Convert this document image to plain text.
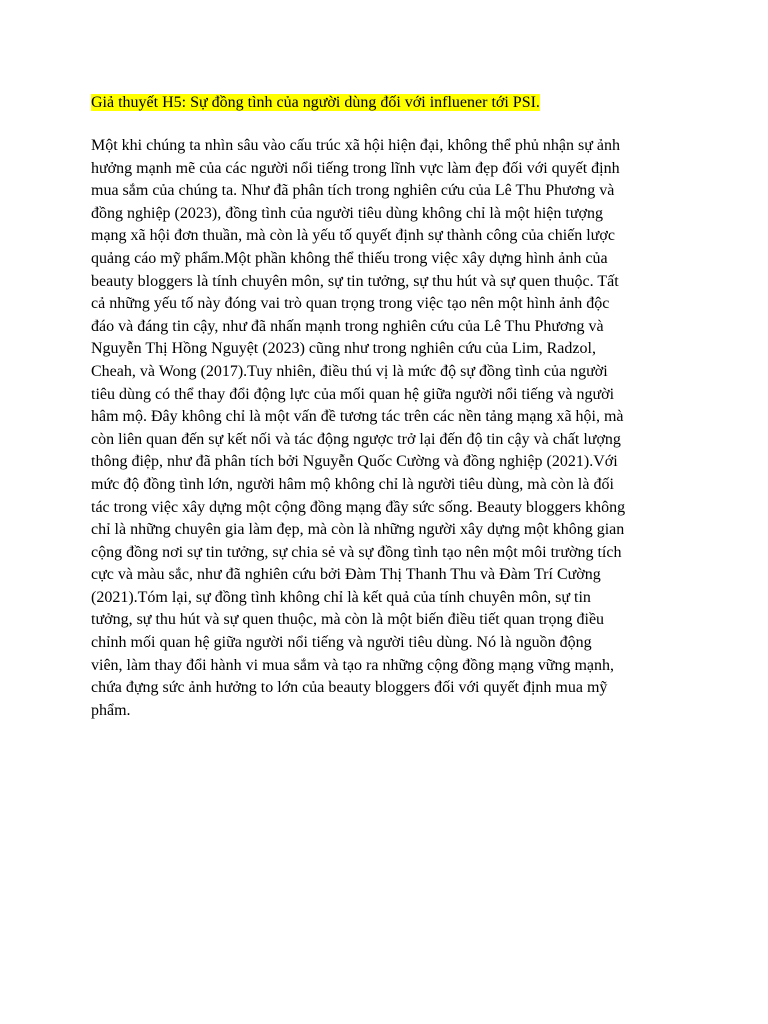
Giả thuyết H5: Sự đồng tình của người dùng đối với influener tới PSI.

Một khi chúng ta nhìn sâu vào cấu trúc xã hội hiện đại, không thể phủ nhận sự ảnh
hưởng mạnh mẽ của các người nổi tiếng trong lĩnh vực làm đẹp đối với quyết định
mua sắm của chúng ta. Như đã phân tích trong nghiên cứu của Lê Thu Phương và
đồng nghiệp (2023), đồng tình của người tiêu dùng không chỉ là một hiện tượng
mạng xã hội đơn thuần, mà còn là yếu tố quyết định sự thành công của chiến lược
quảng cáo mỹ phẩm.Một phần không thể thiếu trong việc xây dựng hình ảnh của
beauty bloggers là tính chuyên môn, sự tin tưởng, sự thu hút và sự quen thuộc. Tất
cả những yếu tố này đóng vai trò quan trọng trong việc tạo nên một hình ảnh độc
đáo và đáng tin cậy, như đã nhấn mạnh trong nghiên cứu của Lê Thu Phương và
Nguyễn Thị Hồng Nguyệt (2023) cũng như trong nghiên cứu của Lim, Radzol,
Cheah, và Wong (2017).Tuy nhiên, điều thú vị là mức độ sự đồng tình của người
tiêu dùng có thể thay đổi động lực của mối quan hệ giữa người nổi tiếng và người
hâm mộ. Đây không chỉ là một vấn đề tương tác trên các nền tảng mạng xã hội, mà
còn liên quan đến sự kết nối và tác động ngược trở lại đến độ tin cậy và chất lượng
thông điệp, như đã phân tích bởi Nguyễn Quốc Cường và đồng nghiệp (2021).Với
mức độ đồng tình lớn, người hâm mộ không chỉ là người tiêu dùng, mà còn là đối
tác trong việc xây dựng một cộng đồng mạng đầy sức sống. Beauty bloggers không
chỉ là những chuyên gia làm đẹp, mà còn là những người xây dựng một không gian
cộng đồng nơi sự tin tưởng, sự chia sẻ và sự đồng tình tạo nên một môi trường tích
cực và màu sắc, như đã nghiên cứu bởi Đàm Thị Thanh Thu và Đàm Trí Cường
(2021).Tóm lại, sự đồng tình không chỉ là kết quả của tính chuyên môn, sự tin
tưởng, sự thu hút và sự quen thuộc, mà còn là một biến điều tiết quan trọng điều
chỉnh mối quan hệ giữa người nổi tiếng và người tiêu dùng. Nó là nguồn động
viên, làm thay đổi hành vi mua sắm và tạo ra những cộng đồng mạng vững mạnh,
chứa đựng sức ảnh hưởng to lớn của beauty bloggers đối với quyết định mua mỹ
phẩm.
